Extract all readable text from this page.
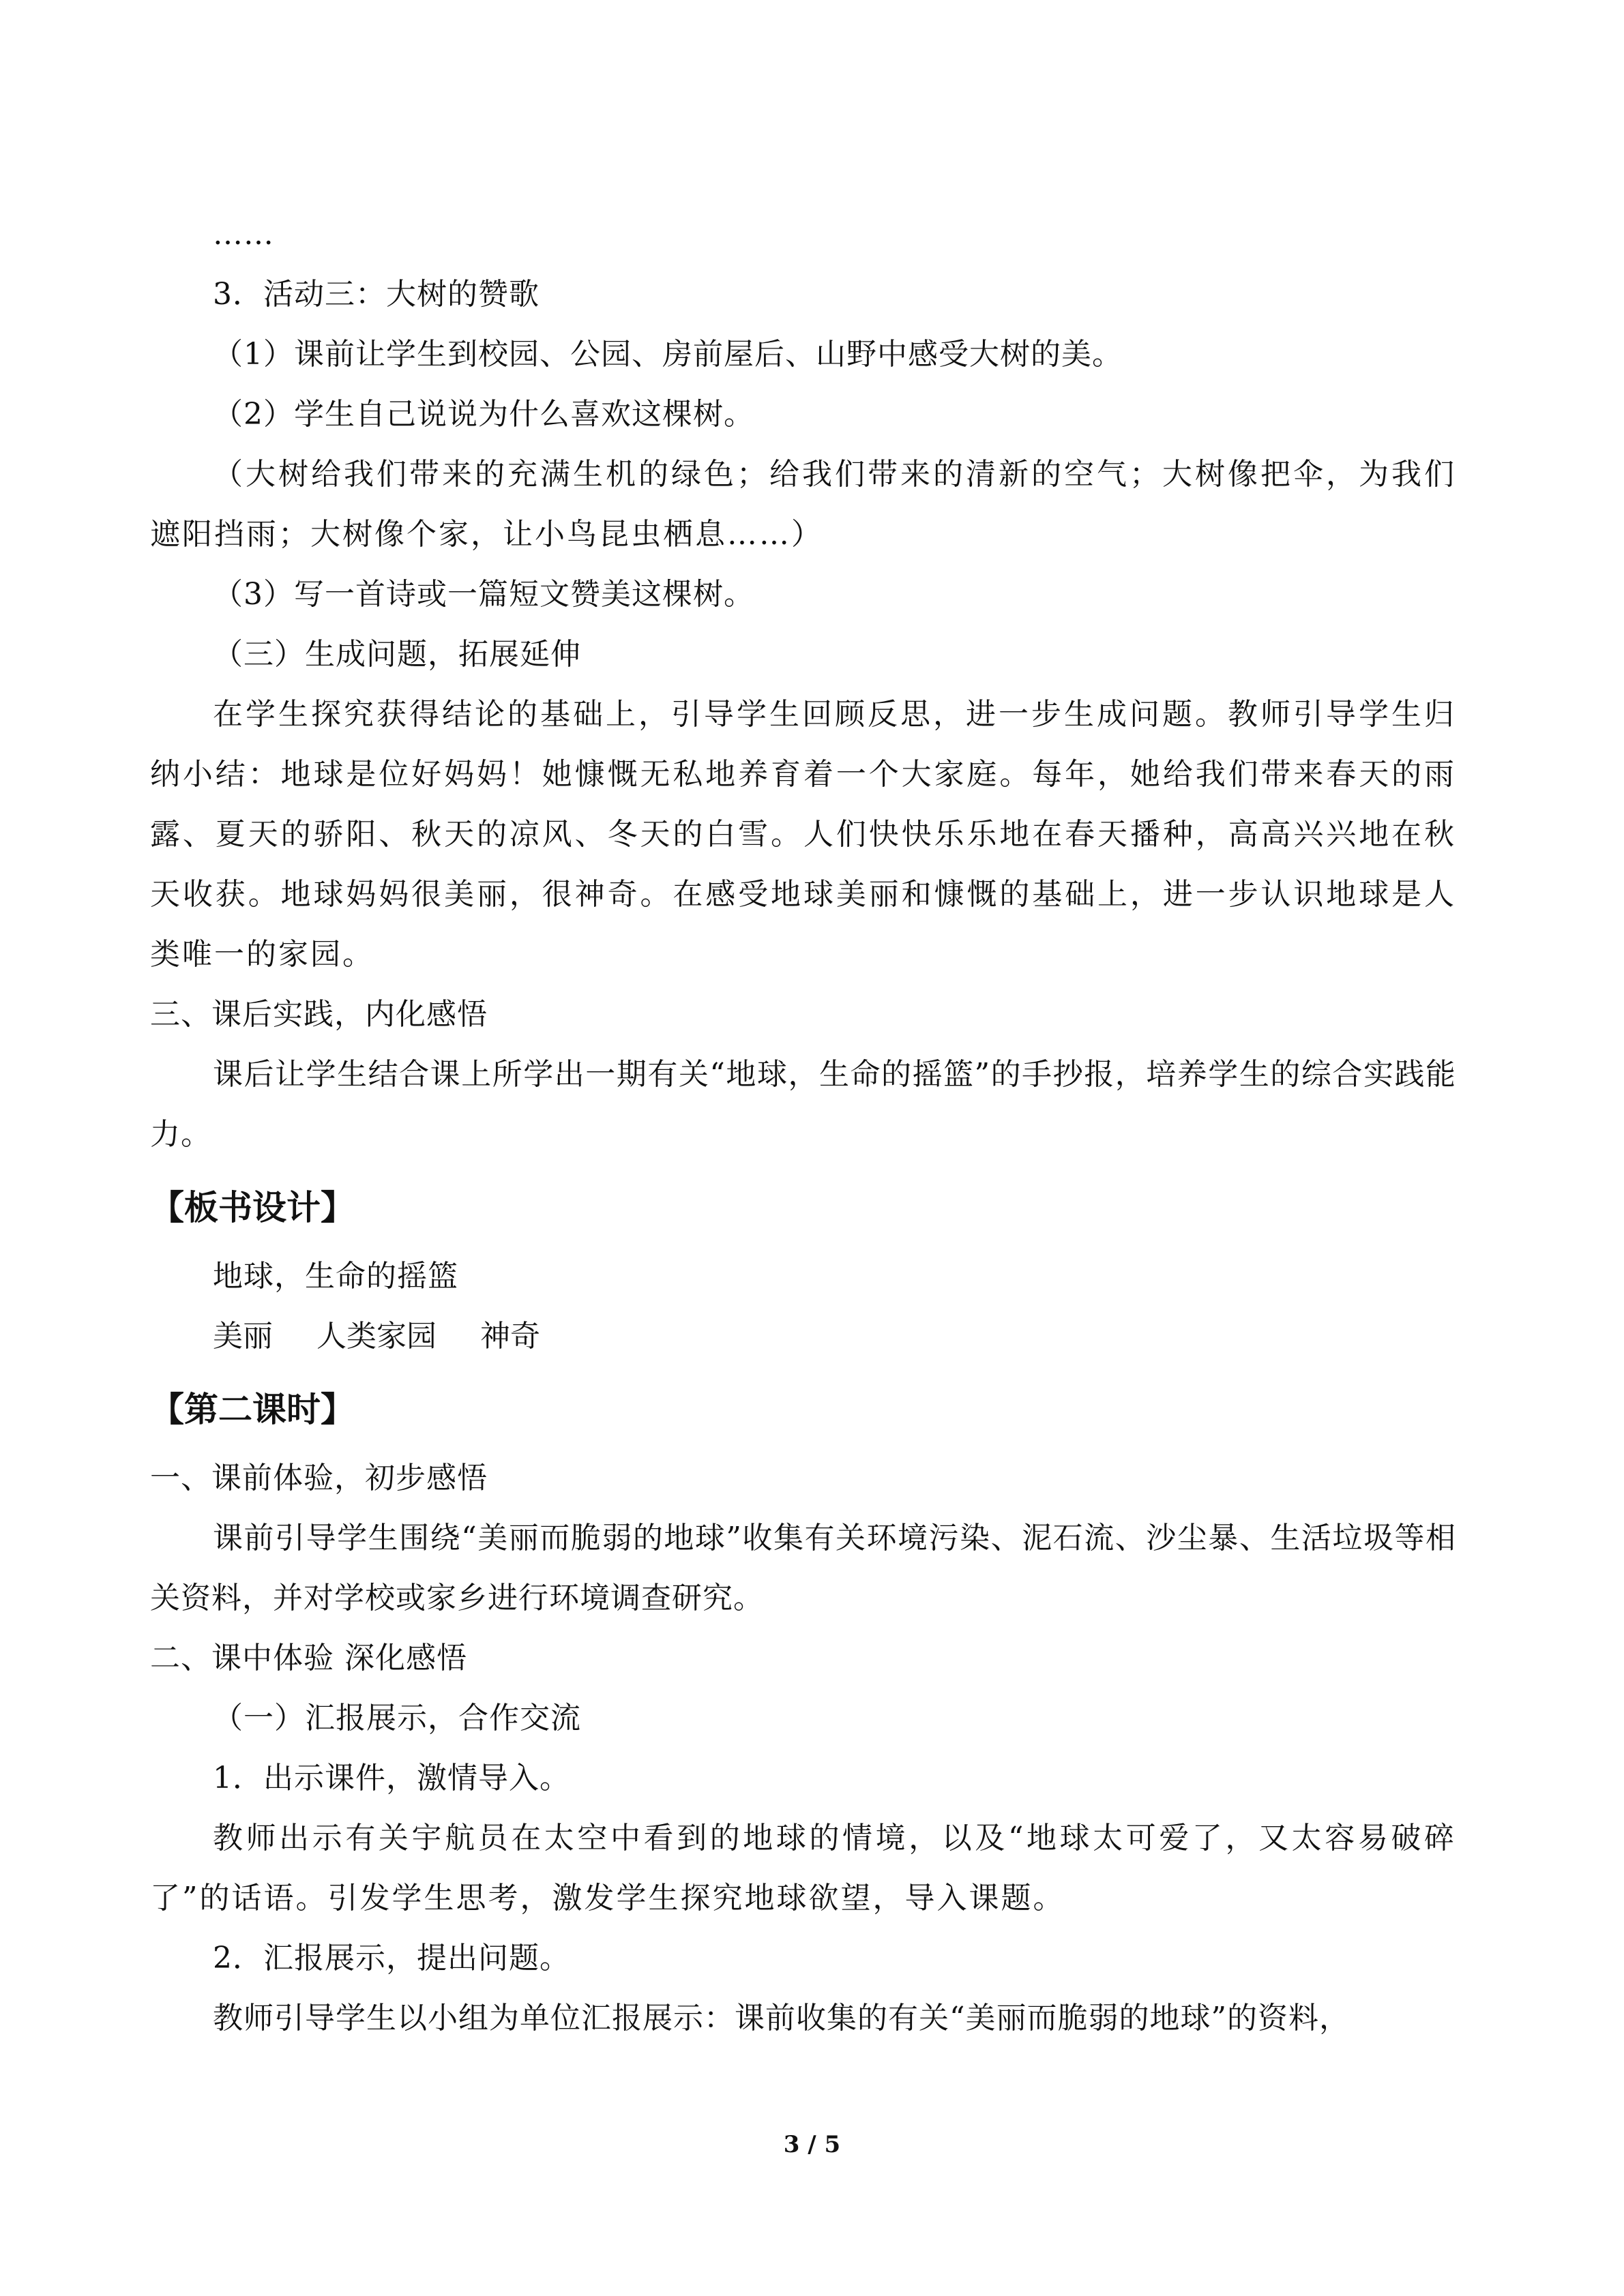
……
3．活动三：大树的赞歌
（1）课前让学生到校园、公园、房前屋后、山野中感受大树的美。
（2）学生自己说说为什么喜欢这棵树。
（大树给我们带来的充满生机的绿色；给我们带来的清新的空气；大树像把伞，为我们遮阳挡雨；大树像个家，让小鸟昆虫栖息……）
（3）写一首诗或一篇短文赞美这棵树。
（三）生成问题，拓展延伸
在学生探究获得结论的基础上，引导学生回顾反思，进一步生成问题。教师引导学生归纳小结：地球是位好妈妈！她慷慨无私地养育着一个大家庭。每年，她给我们带来春天的雨露、夏天的骄阳、秋天的凉风、冬天的白雪。人们快快乐乐地在春天播种，高高兴兴地在秋天收获。地球妈妈很美丽，很神奇。在感受地球美丽和慷慨的基础上，进一步认识地球是人类唯一的家园。
三、课后实践，内化感悟
课后让学生结合课上所学出一期有关“地球，生命的摇篮”的手抄报，培养学生的综合实践能力。
【板书设计】
地球，生命的摇篮
美丽 人类家园 神奇
【第二课时】
一、课前体验，初步感悟
课前引导学生围绕“美丽而脆弱的地球”收集有关环境污染、泥石流、沙尘暴、生活垃圾等相关资料，并对学校或家乡进行环境调查研究。
二、课中体验 深化感悟
（一）汇报展示，合作交流
1．出示课件，激情导入。
教师出示有关宇航员在太空中看到的地球的情境，以及“地球太可爱了，又太容易破碎了”的话语。引发学生思考，激发学生探究地球欲望，导入课题。
2．汇报展示，提出问题。
教师引导学生以小组为单位汇报展示：课前收集的有关“美丽而脆弱的地球”的资料，
3 / 5
